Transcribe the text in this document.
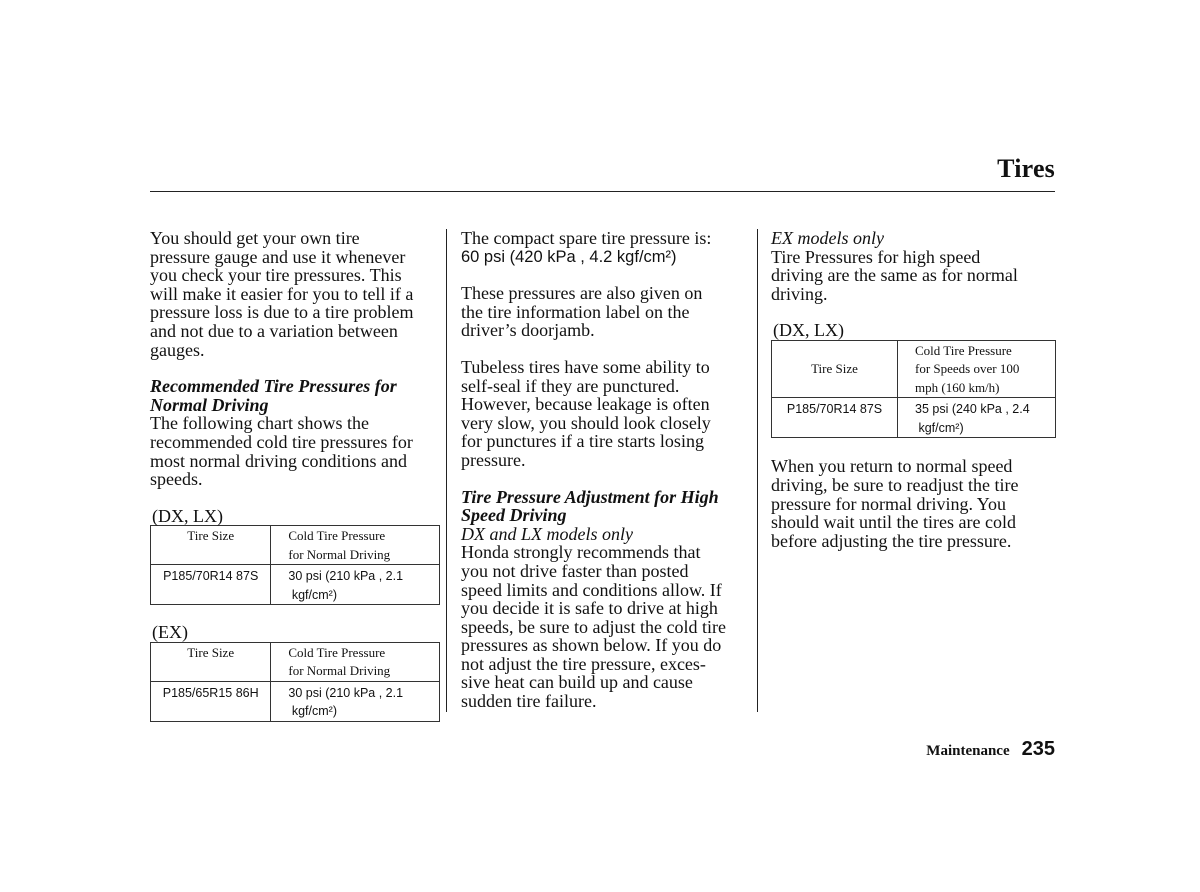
Tires

You should get your own tire
pressure gauge and use it whenever
you check your tire pressures. This
will make it easier for you to tell if a
pressure loss is due to a tire problem
and not due to a variation between
gauges.

Recommended Tire Pressures for
Normal Driving

The following chart shows the
recommended cold tire pressures for
most normal driving conditions and
speeds.

(DX, LX)

Tire Size	Cold Tire Pressure
for Normal Driving
P185/70R14 87S	30 psi (210 kPa , 2.1
kgf/cm²)

(EX)

Tire Size	Cold Tire Pressure
for Normal Driving
P185/65R15 86H	30 psi (210 kPa , 2.1
kgf/cm²)

The compact spare tire pressure is:

60 psi (420 kPa , 4.2 kgf/cm²)

These pressures are also given on
the tire information label on the
driver’s doorjamb.

Tubeless tires have some ability to
self-seal if they are punctured.
However, because leakage is often
very slow, you should look closely
for punctures if a tire starts losing
pressure.

Tire Pressure Adjustment for High
Speed Driving

DX and LX models only

Honda strongly recommends that
you not drive faster than posted
speed limits and conditions allow. If
you decide it is safe to drive at high
speeds, be sure to adjust the cold tire
pressures as shown below. If you do
not adjust the tire pressure, exces-
sive heat can build up and cause
sudden tire failure.

EX models only

Tire Pressures for high speed
driving are the same as for normal
driving.

(DX, LX)

Tire Size	Cold Tire Pressure
for Speeds over 100
mph (160 km/h)
P185/70R14 87S	35 psi (240 kPa , 2.4
kgf/cm²)

When you return to normal speed
driving, be sure to readjust the tire
pressure for normal driving. You
should wait until the tires are cold
before adjusting the tire pressure.

Maintenance 235
